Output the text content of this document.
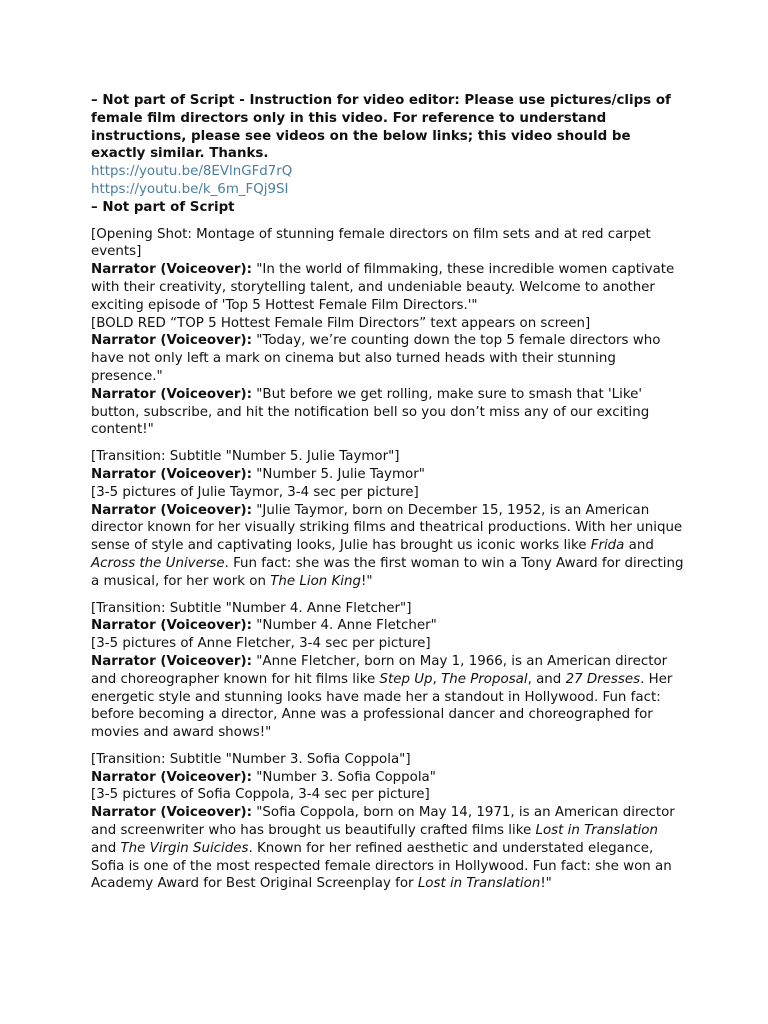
– Not part of Script - Instruction for video editor: Please use pictures/clips of female film directors only in this video. For reference to understand instructions, please see videos on the below links; this video should be exactly similar. Thanks.
https://youtu.be/8EVlnGFd7rQ
https://youtu.be/k_6m_FQj9SI
– Not part of Script
[Opening Shot: Montage of stunning female directors on film sets and at red carpet events]
Narrator (Voiceover): "In the world of filmmaking, these incredible women captivate with their creativity, storytelling talent, and undeniable beauty. Welcome to another exciting episode of 'Top 5 Hottest Female Film Directors.'"
[BOLD RED “TOP 5 Hottest Female Film Directors” text appears on screen]
Narrator (Voiceover): "Today, we’re counting down the top 5 female directors who have not only left a mark on cinema but also turned heads with their stunning presence."
Narrator (Voiceover): "But before we get rolling, make sure to smash that 'Like' button, subscribe, and hit the notification bell so you don’t miss any of our exciting content!"
[Transition: Subtitle "Number 5. Julie Taymor"]
Narrator (Voiceover): "Number 5. Julie Taymor"
[3-5 pictures of Julie Taymor, 3-4 sec per picture]
Narrator (Voiceover): "Julie Taymor, born on December 15, 1952, is an American director known for her visually striking films and theatrical productions. With her unique sense of style and captivating looks, Julie has brought us iconic works like Frida and Across the Universe. Fun fact: she was the first woman to win a Tony Award for directing a musical, for her work on The Lion King!"
[Transition: Subtitle "Number 4. Anne Fletcher"]
Narrator (Voiceover): "Number 4. Anne Fletcher"
[3-5 pictures of Anne Fletcher, 3-4 sec per picture]
Narrator (Voiceover): "Anne Fletcher, born on May 1, 1966, is an American director and choreographer known for hit films like Step Up, The Proposal, and 27 Dresses. Her energetic style and stunning looks have made her a standout in Hollywood. Fun fact: before becoming a director, Anne was a professional dancer and choreographed for movies and award shows!"
[Transition: Subtitle "Number 3. Sofia Coppola"]
Narrator (Voiceover): "Number 3. Sofia Coppola"
[3-5 pictures of Sofia Coppola, 3-4 sec per picture]
Narrator (Voiceover): "Sofia Coppola, born on May 14, 1971, is an American director and screenwriter who has brought us beautifully crafted films like Lost in Translation and The Virgin Suicides. Known for her refined aesthetic and understated elegance, Sofia is one of the most respected female directors in Hollywood. Fun fact: she won an Academy Award for Best Original Screenplay for Lost in Translation!"
